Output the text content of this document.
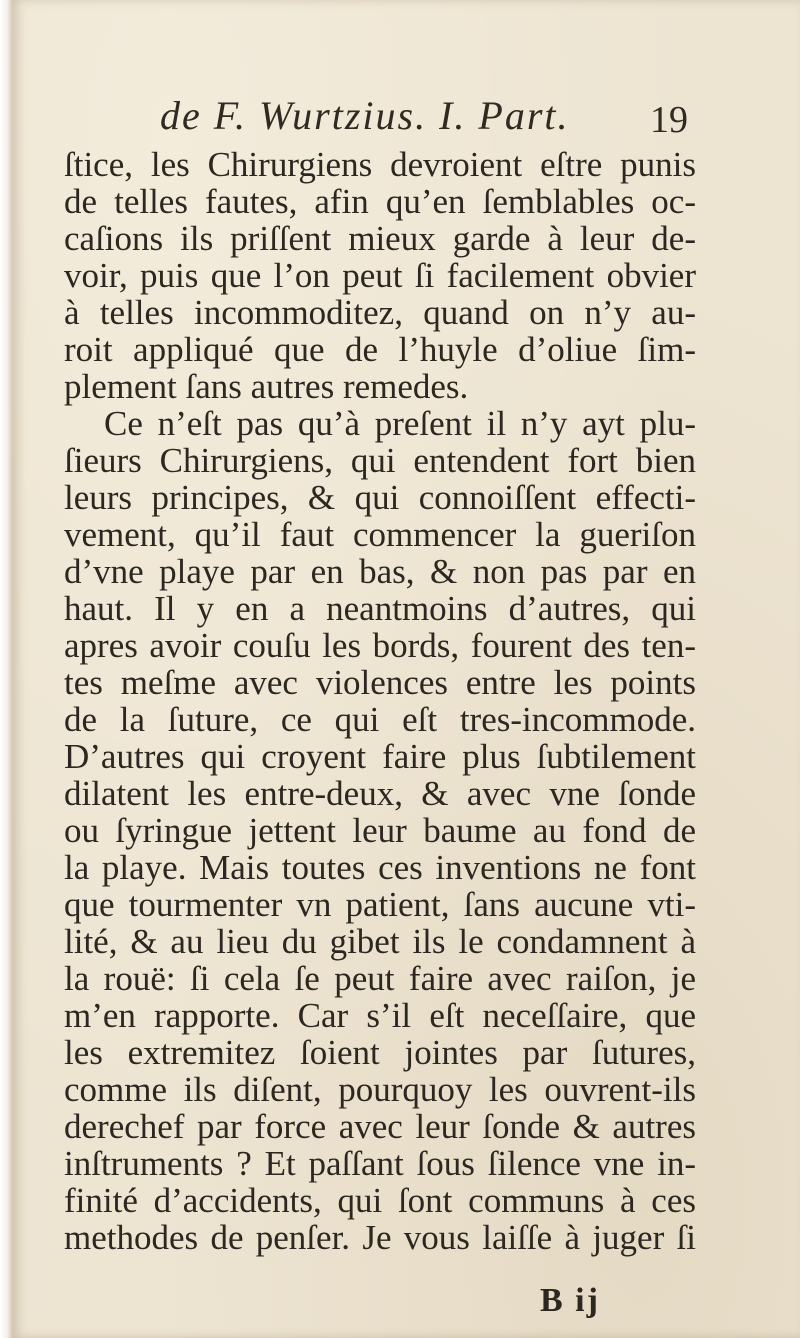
de F. Wurtzius. I. Part. 19
ſtice, les Chirurgiens devroient eſtre punis
de telles fautes, afin qu’en ſemblables oc-
caſions ils priſſent mieux garde à leur de-
voir, puis que l’on peut ſi facilement obvier
à telles incommoditez, quand on n’y au-
roit appliqué que de l’huyle d’oliue ſim-
plement ſans autres remedes.
Ce n’eſt pas qu’à preſent il n’y ayt plu-
ſieurs Chirurgiens, qui entendent fort bien
leurs principes, & qui connoiſſent effecti-
vement, qu’il faut commencer la gueriſon
d’vne playe par en bas, & non pas par en
haut. Il y en a neantmoins d’autres, qui
apres avoir couſu les bords, fourent des ten-
tes meſme avec violences entre les points
de la ſuture, ce qui eſt tres-incommode.
D’autres qui croyent faire plus ſubtilement
dilatent les entre-deux, & avec vne ſonde
ou ſyringue jettent leur baume au fond de
la playe. Mais toutes ces inventions ne font
que tourmenter vn patient, ſans aucune vti-
lité, & au lieu du gibet ils le condamnent à
la rouë: ſi cela ſe peut faire avec raiſon, je
m’en rapporte. Car s’il eſt neceſſaire, que
les extremitez ſoient jointes par ſutures,
comme ils diſent, pourquoy les ouvrent-ils
derechef par force avec leur ſonde & autres
inſtruments ? Et paſſant ſous ſilence vne in-
finité d’accidents, qui ſont communs à ces
methodes de penſer. Je vous laiſſe à juger ſi
B ij
